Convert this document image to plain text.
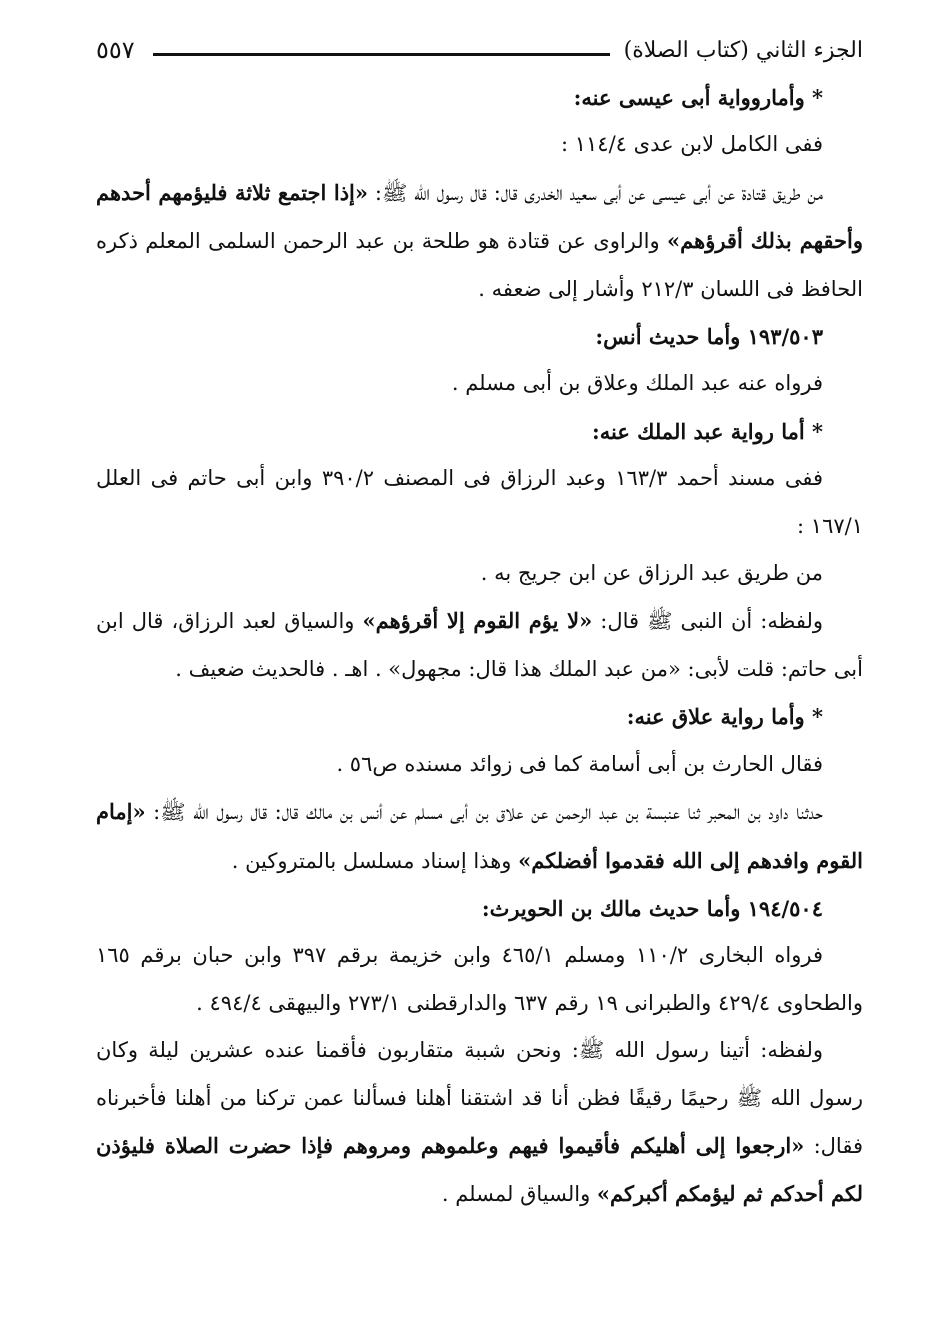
الجزء الثاني (كتاب الصلاة)
٥٥٧

* وأماروواية أبى عيسى عنه:

ففى الكامل لابن عدى ١١٤/٤ :

من طريق قتادة عن أبى عيسى عن أبى سعيد الخدرى قال: قال رسول الله ﷺ: «إذا اجتمع ثلاثة فليؤمهم أحدهم وأحقهم بذلك أقرؤهم» والراوى عن قتادة هو طلحة بن عبد الرحمن السلمى المعلم ذكره الحافظ فى اللسان ٢١٢/٣ وأشار إلى ضعفه .

١٩٣/٥٠٣ وأما حديث أنس:

فرواه عنه عبد الملك وعلاق بن أبى مسلم .

* أما رواية عبد الملك عنه:

ففى مسند أحمد ١٦٣/٣ وعبد الرزاق فى المصنف ٣٩٠/٢ وابن أبى حاتم فى العلل ١٦٧/١ :

من طريق عبد الرزاق عن ابن جريج به .

ولفظه: أن النبى ﷺ قال: «لا يؤم القوم إلا أقرؤهم» والسياق لعبد الرزاق، قال ابن أبى حاتم: قلت لأبى: «من عبد الملك هذا قال: مجهول» . اهـ . فالحديث ضعيف .

* وأما رواية علاق عنه:

فقال الحارث بن أبى أسامة كما فى زوائد مسنده ص٥٦ .

حدثنا داود بن المحبر ثنا عنبسة بن عبد الرحمن عن علاق بن أبى مسلم عن أنس بن مالك قال: قال رسول الله ﷺ: «إمام القوم وافدهم إلى الله فقدموا أفضلكم» وهذا إسناد مسلسل بالمتروكين .

١٩٤/٥٠٤ وأما حديث مالك بن الحويرث:

فرواه البخارى ١١٠/٢ ومسلم ٤٦٥/١ وابن خزيمة برقم ٣٩٧ وابن حبان برقم ١٦٥ والطحاوى ٤٢٩/٤ والطبرانى ١٩ رقم ٦٣٧ والدارقطنى ٢٧٣/١ والبيهقى ٤٩٤/٤ .

ولفظه: أتينا رسول الله ﷺ: ونحن شببة متقاربون فأقمنا عنده عشرين ليلة وكان رسول الله ﷺ رحيمًا رقيقًا فظن أنا قد اشتقنا أهلنا فسألنا عمن تركنا من أهلنا فأخبرناه فقال: «ارجعوا إلى أهليكم فأقيموا فيهم وعلموهم ومروهم فإذا حضرت الصلاة فليؤذن لكم أحدكم ثم ليؤمكم أكبركم» والسياق لمسلم .
